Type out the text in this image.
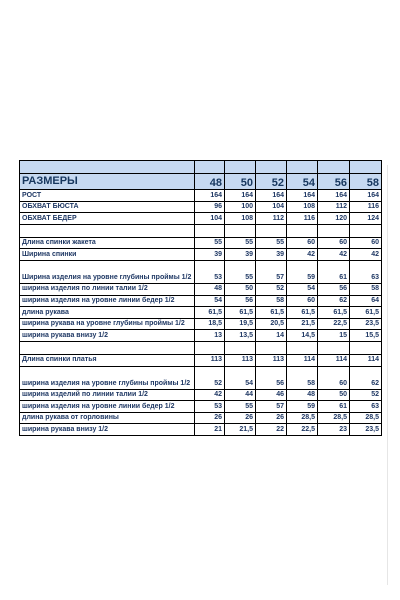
РАЗМЕРЫ	48	50	52	54	56	58
РОСТ	164	164	164	164	164	164
ОБХВАТ БЮСТА	96	100	104	108	112	116
ОБХВАТ БЕДЕР	104	108	112	116	120	124

Длина спинки жакета	55	55	55	60	60	60
Ширина спинки	39	39	39	42	42	42
Ширина изделия на уровне глубины проймы 1/2	53	55	57	59	61	63
ширина изделия по линии талии 1/2	48	50	52	54	56	58
ширина изделия на уровне линии бедер 1/2	54	56	58	60	62	64
длина рукава	61,5	61,5	61,5	61,5	61,5	61,5
ширина рукава на уровне глубины проймы 1/2	18,5	19,5	20,5	21,5	22,5	23,5
ширина рукава внизу 1/2	13	13,5	14	14,5	15	15,5

Длина спинки платья	113	113	113	114	114	114
ширина изделия на уровне глубины проймы 1/2	52	54	56	58	60	62
ширина изделий по линии талии 1/2	42	44	46	48	50	52
ширина изделия на уровне линии бедер 1/2	53	55	57	59	61	63
длина рукава от горловины	26	26	26	28,5	28,5	28,5
ширина рукава внизу 1/2	21	21,5	22	22,5	23	23,5
